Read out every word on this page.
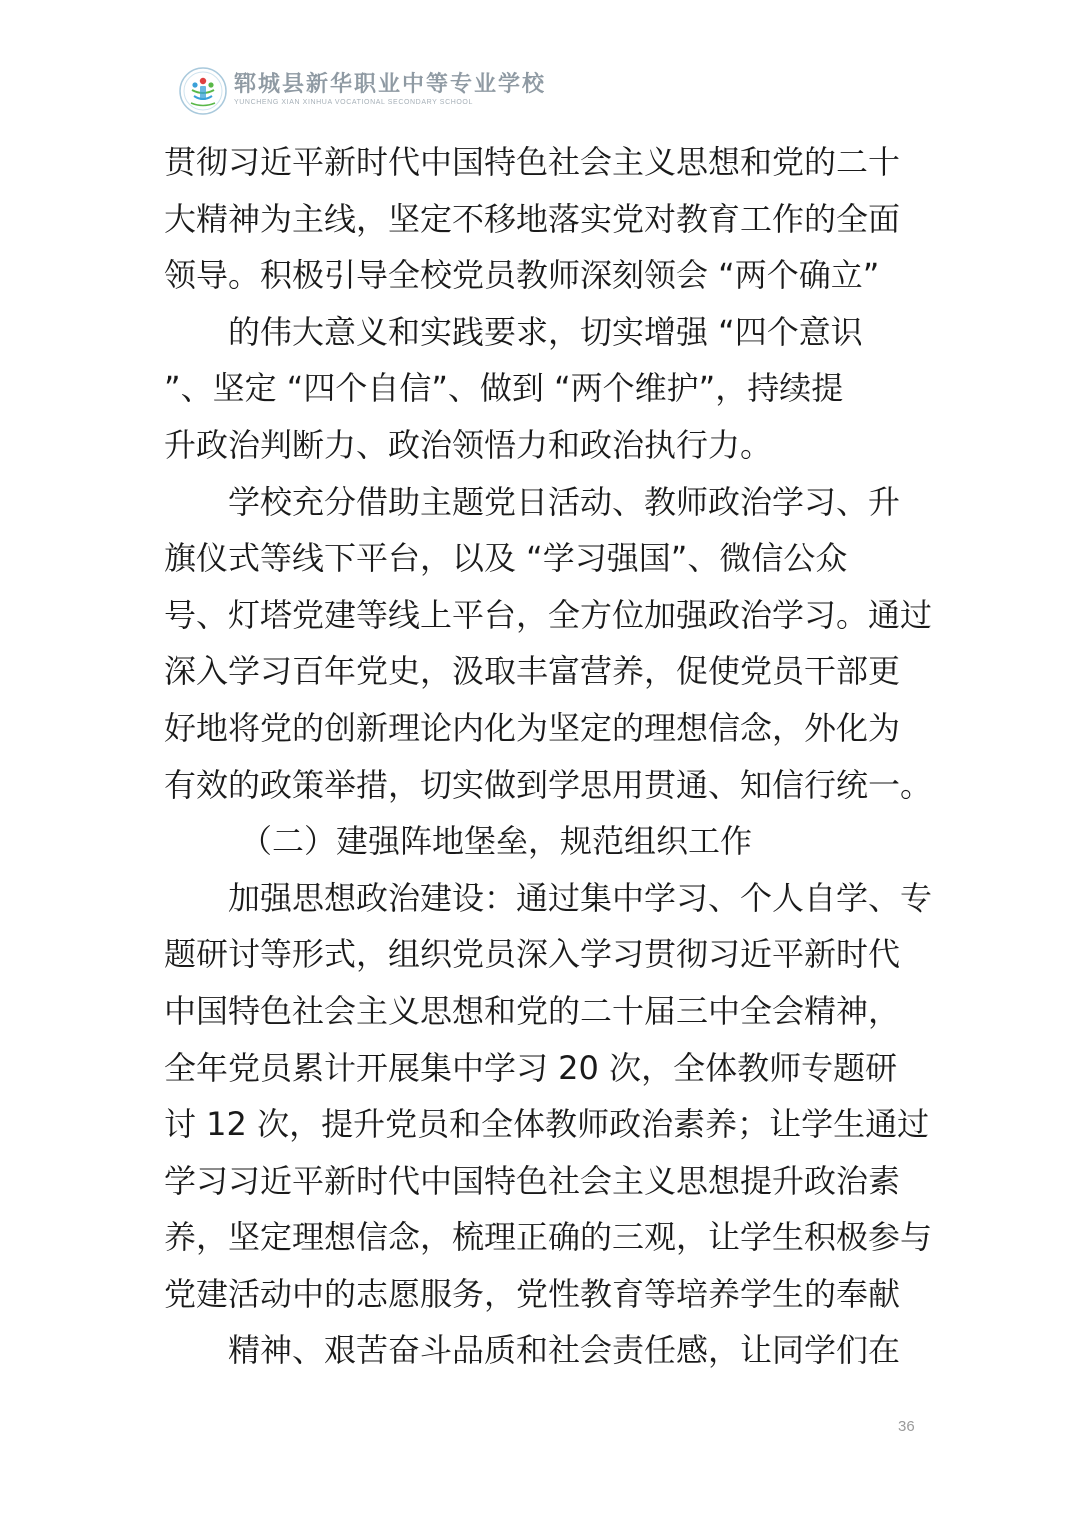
郓城县新华职业中等专业学校
YUNCHENG XIAN XINHUA VOCATIONAL SECONDARY SCHOOL
贯彻习近平新时代中国特色社会主义思想和党的二十
大精神为主线，坚定不移地落实党对教育工作的全面
领导。积极引导全校党员教师深刻领会 “两个确立”
的伟大意义和实践要求，切实增强 “四个意识
”、坚定 “四个自信”、做到 “两个维护”，持续提
升政治判断力、政治领悟力和政治执行力。
学校充分借助主题党日活动、教师政治学习、升
旗仪式等线下平台，以及 “学习强国”、微信公众
号、灯塔党建等线上平台，全方位加强政治学习。通过
深入学习百年党史，汲取丰富营养，促使党员干部更
好地将党的创新理论内化为坚定的理想信念，外化为
有效的政策举措，切实做到学思用贯通、知信行统一。
（二）建强阵地堡垒，规范组织工作
加强思想政治建设：通过集中学习、个人自学、专
题研讨等形式，组织党员深入学习贯彻习近平新时代
中国特色社会主义思想和党的二十届三中全会精神，
全年党员累计开展集中学习 20 次，全体教师专题研
讨 12 次，提升党员和全体教师政治素养；让学生通过
学习习近平新时代中国特色社会主义思想提升政治素
养，坚定理想信念，梳理正确的三观，让学生积极参与
党建活动中的志愿服务，党性教育等培养学生的奉献
精神、艰苦奋斗品质和社会责任感，让同学们在
36
